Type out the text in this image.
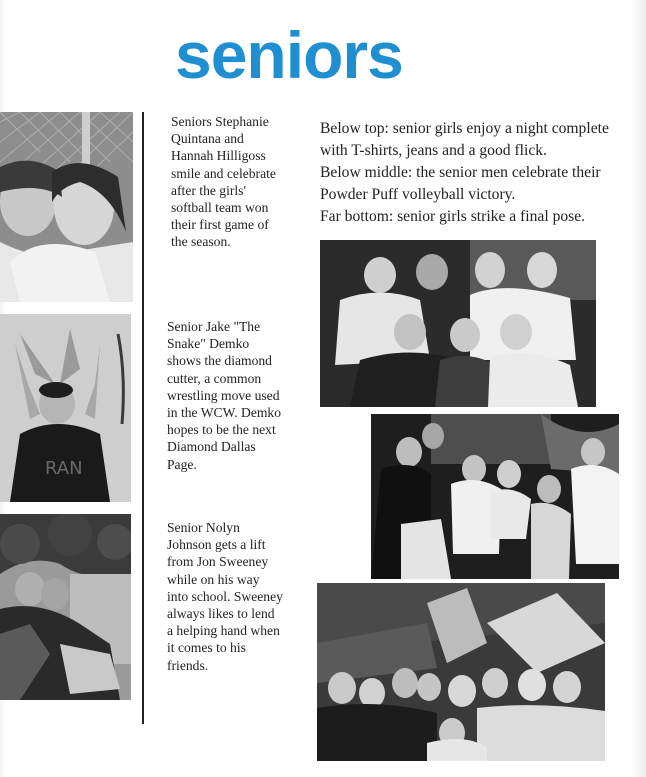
seniors
RAN
Seniors Stephanie Quintana and Hannah Hilligoss smile and celebrate after the girls' softball team won their first game of the season.
Senior Jake "The Snake" Demko shows the diamond cutter, a common wrestling move used in the WCW. Demko hopes to be the next Diamond Dallas Page.
Senior Nolyn Johnson gets a lift from Jon Sweeney while on his way into school. Sweeney always likes to lend a helping hand when it comes to his friends.

Below top: senior girls enjoy a night complete with T-shirts, jeans and a good flick.

Below middle: the senior men celebrate their Powder Puff volleyball victory.

Far bottom: senior girls strike a final pose.
